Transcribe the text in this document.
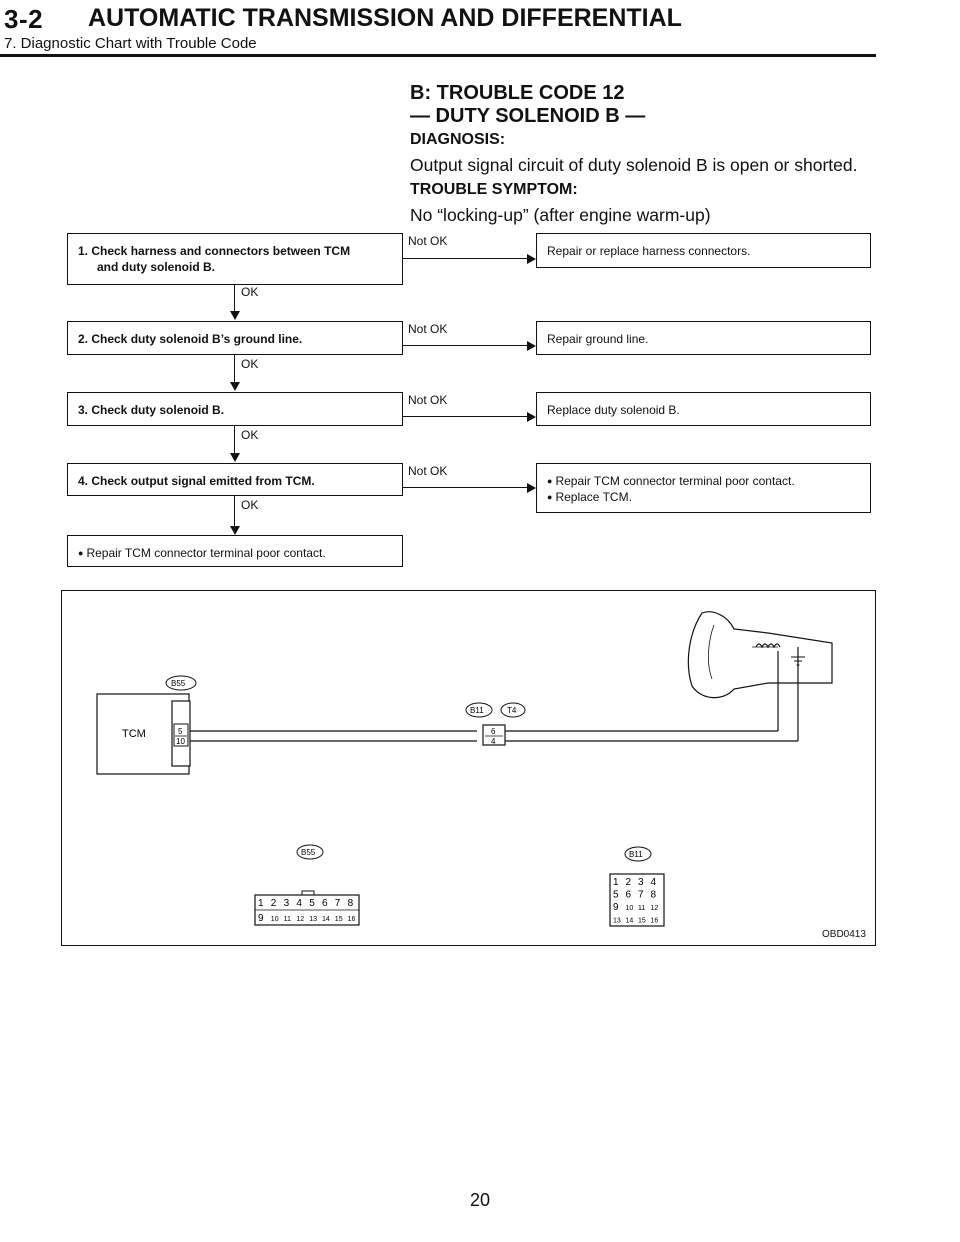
3-2 AUTOMATIC TRANSMISSION AND DIFFERENTIAL
7. Diagnostic Chart with Trouble Code
B: TROUBLE CODE 12
— DUTY SOLENOID B —
DIAGNOSIS:
Output signal circuit of duty solenoid B is open or shorted.
TROUBLE SYMPTOM:
No “locking-up” (after engine warm-up)
1. Check harness and connectors between TCM
and duty solenoid B.
Not OK
Repair or replace harness connectors.
OK
2. Check duty solenoid B’s ground line.
Not OK
Repair ground line.
OK
3. Check duty solenoid B.
Not OK
Replace duty solenoid B.
OK
4. Check output signal emitted from TCM.
Not OK
● Repair TCM connector terminal poor contact.
● Replace TCM.
OK
● Repair TCM connector terminal poor contact.
TCM	5
10
B55
6
4
B11	T4
B55
1 2 3 4 5 6 7 8
9 10 11 12 13 14 15 16
B11
1 2 3 4
5 6 7 8
9 10 11 12
13 14 15 16
OBD0413
20
